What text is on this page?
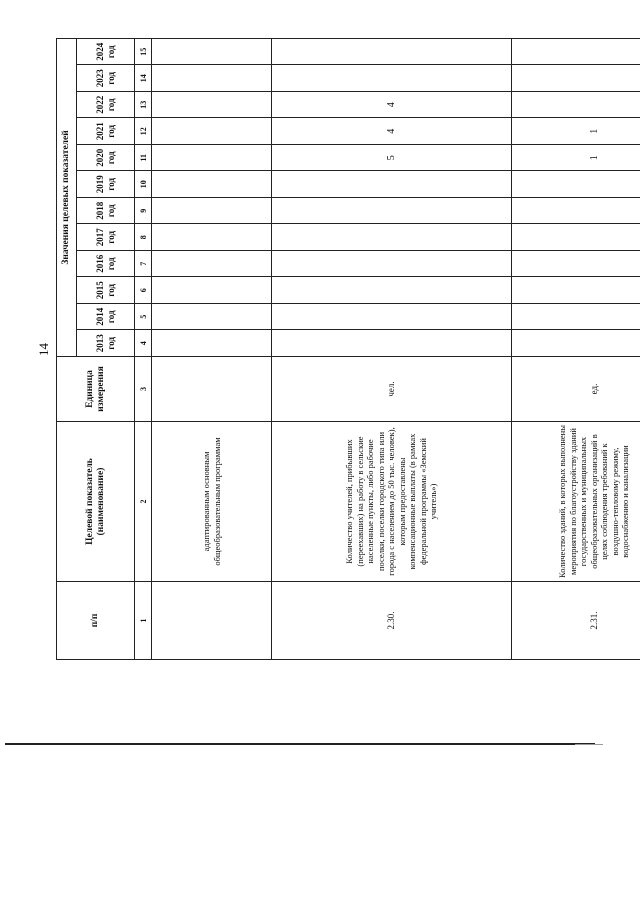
14
п/п	Целевой показатель (наименование)	Единица измерения	Значения целевых показателей											
			2013 год	2014 год	2015 год	2016 год	2017 год	2018 год	2019 год	2020 год	2021 год	2022 год	2023 год	2024 год
1	2	3	4	5	6	7	8	9	10	11	12	13	14	15
	адаптированным основным общеобразовательным программам													
2.30.	Количество учителей, прибывших (переехавших) на работу в сельские населенные пункты, либо рабочие поселки, поселки городского типа или города с населением до 50 тыс. человек), которым предоставлены компенсационные выплаты (в рамках федеральной программы «Земский учитель»)	чел.								5	4	4		
2.31.	Количество зданий, в которых выполнены мероприятия по благоустройству зданий государственных и муниципальных общеобразовательных организаций в целях соблюдения требований к воздушно-тепловому режиму, водоснабжению и канализации	ед.								1	1			
